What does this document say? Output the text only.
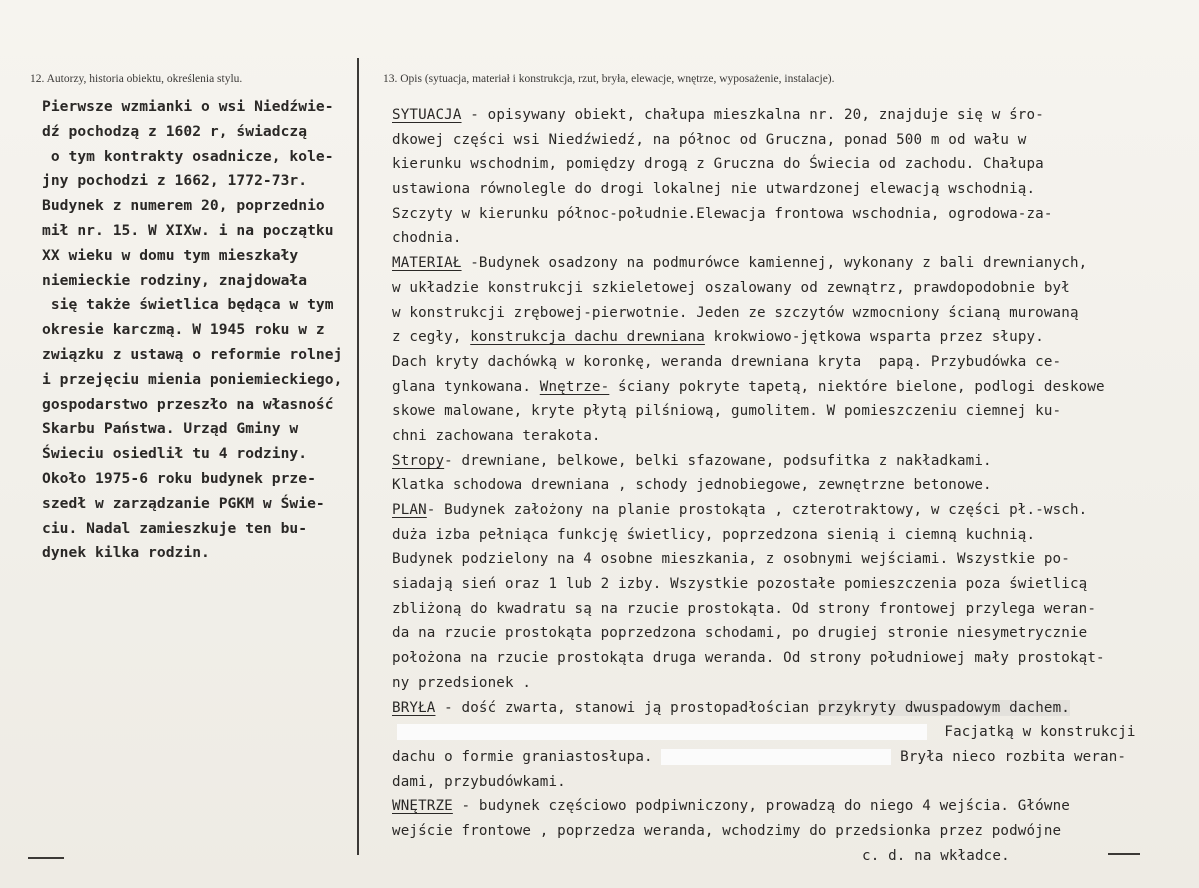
12. Autorzy, historia obiektu, określenia stylu.	13. Opis (sytuacja, materiał i konstrukcja, rzut, bryła, elewacje, wnętrze, wyposażenie, instalacje).
Pierwsze wzmianki o wsi Niedźwie-
dź pochodzą z 1602 r, świadczą
o tym kontrakty osadnicze, kole-
jny pochodzi z 1662, 1772-73r.
Budynek z numerem 20, poprzednio
mił nr. 15. W XIXw. i na początku
XX wieku w domu tym mieszkały
niemieckie rodziny, znajdowała
się także świetlica będąca w tym
okresie karczmą. W 1945 roku w z
związku z ustawą o reformie rolnej
i przejęciu mienia poniemieckiego,
gospodarstwo przeszło na własność
Skarbu Państwa. Urząd Gminy w
Świeciu osiedlił tu 4 rodziny.
Około 1975-6 roku budynek prze-
szedł w zarządzanie PGKM w Świe-
ciu. Nadal zamieszkuje ten bu-
dynek kilka rodzin.
SYTUACJA - opisywany obiekt, chałupa mieszkalna nr. 20, znajduje się w śro-
dkowej części wsi Niedźwiedź, na północ od Gruczna, ponad 500 m od wału w
kierunku wschodnim, pomiędzy drogą z Gruczna do Świecia od zachodu. Chałupa
ustawiona równolegle do drogi lokalnej nie utwardzonej elewacją wschodnią.
Szczyty w kierunku północ-południe.Elewacja frontowa wschodnia, ogrodowa-za-
chodnia.
MATERIAŁ -Budynek osadzony na podmurówce kamiennej, wykonany z bali drewnianych,
w układzie konstrukcji szkieletowej oszalowany od zewnątrz, prawdopodobnie był
w konstrukcji zrębowej-pierwotnie. Jeden ze szczytów wzmocniony ścianą murowaną
z cegły, konstrukcja dachu drewniana krokwiowo-jętkowa wsparta przez słupy.
Dach kryty dachówką w koronkę, weranda drewniana kryta  papą. Przybudówka ce-
glana tynkowana. Wnętrze- ściany pokryte tapetą, niektóre bielone, podlogi deskowe
skowe malowane, kryte płytą pilśniową, gumolitem. W pomieszczeniu ciemnej ku-
chni zachowana terakota.
Stropy- drewniane, belkowe, belki sfazowane, podsufitka z nakładkami.
Klatka schodowa drewniana , schody jednobiegowe, zewnętrzne betonowe.
PLAN- Budynek założony na planie prostokąta , czterotraktowy, w części pł.-wsch.
duża izba pełniąca funkcję świetlicy, poprzedzona sienią i ciemną kuchnią.
Budynek podzielony na 4 osobne mieszkania, z osobnymi wejściami. Wszystkie po-
siadają sień oraz 1 lub 2 izby. Wszystkie pozostałe pomieszczenia poza świetlicą
zbliżoną do kwadratu są na rzucie prostokąta. Od strony frontowej przylega weran-
da na rzucie prostokąta poprzedzona schodami, po drugiej stronie niesymetrycznie
położona na rzucie prostokąta druga weranda. Od strony południowej mały prostokąt-
ny przedsionek .
BRYŁA - dość zwarta, stanowi ją prostopadłościan przykryty dwuspadowym dachem.
Facjatką w konstrukcji
dachu o formie graniastosłupa.	Bryła nieco rozbita weran-
dami, przybudówkami.
WNĘTRZE - budynek częściowo podpiwniczony, prowadzą do niego 4 wejścia. Główne
wejście frontowe , poprzedza weranda, wchodzimy do przedsionka przez podwójne
c. d. na wkładce.
